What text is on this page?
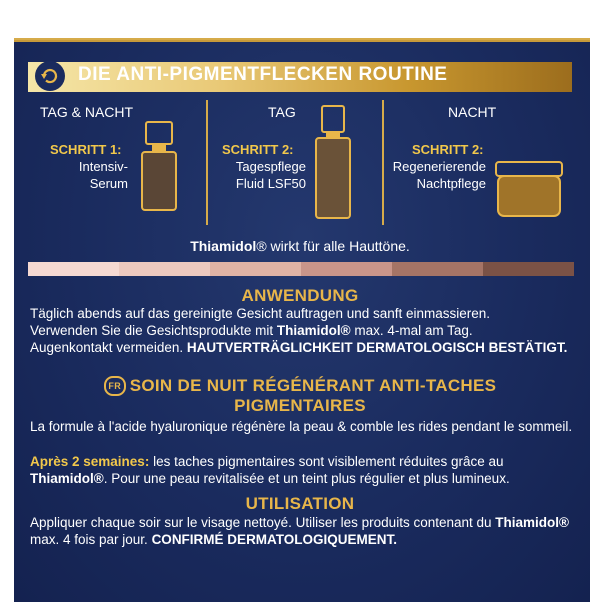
DIE ANTI-PIGMENTFLECKEN ROUTINE
TAG & NACHT	TAG	NACHT
SCHRITT 1:
Intensiv-
Serum
SCHRITT 2:
Tagespflege
Fluid LSF50
SCHRITT 2:
Regenerierende
Nachtpflege
Thiamidol® wirkt für alle Hauttöne.
ANWENDUNG
Täglich abends auf das gereinigte Gesicht auftragen und sanft einmassieren.
Verwenden Sie die Gesichtsprodukte mit Thiamidol® max. 4-mal am Tag.
Augenkontakt vermeiden. HAUTVERTRÄGLICHKEIT DERMATOLOGISCH BESTÄTIGT.
FR SOIN DE NUIT RÉGÉNÉRANT ANTI-TACHES
PIGMENTAIRES
La formule à l'acide hyaluronique régénère la peau & comble les rides pendant le sommeil.
Après 2 semaines: les taches pigmentaires sont visiblement réduites grâce au Thiamidol®. Pour une peau revitalisée et un teint plus régulier et plus lumineux.
UTILISATION
Appliquer chaque soir sur le visage nettoyé. Utiliser les produits contenant du Thiamidol® max. 4 fois par jour. CONFIRMÉ DERMATOLOGIQUEMENT.
